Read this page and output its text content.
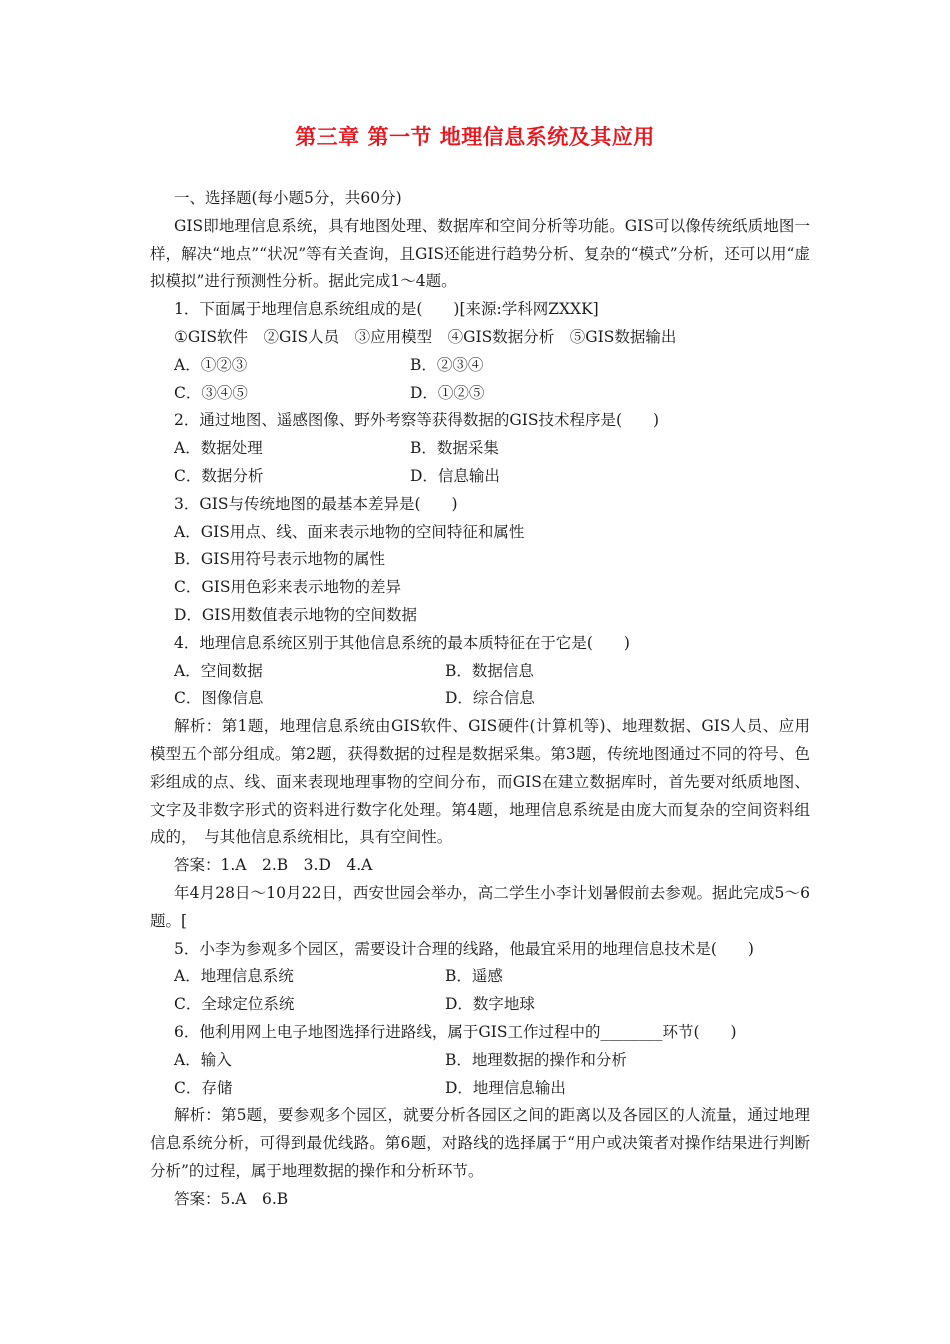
第三章 第一节 地理信息系统及其应用
一、选择题(每小题5分，共60分)
GIS即地理信息系统，具有地图处理、数据库和空间分析等功能。GIS可以像传统纸质地图一样，解决“地点”“状况”等有关查询，且GIS还能进行趋势分析、复杂的“模式”分析，还可以用“虚拟模拟”进行预测性分析。据此完成1～4题。
1．下面属于地理信息系统组成的是(　　)[来源:学科网ZXXK]
①GIS软件　②GIS人员　③应用模型　④GIS数据分析　⑤GIS数据输出
A．①②③	B．②③④
C．③④⑤	D．①②⑤
2．通过地图、遥感图像、野外考察等获得数据的GIS技术程序是(　　)
A．数据处理	B．数据采集
C．数据分析	D．信息输出
3．GIS与传统地图的最基本差异是(　　)
A．GIS用点、线、面来表示地物的空间特征和属性
B．GIS用符号表示地物的属性
C．GIS用色彩来表示地物的差异
D．GIS用数值表示地物的空间数据
4．地理信息系统区别于其他信息系统的最本质特征在于它是(　　)
A．空间数据	B．数据信息
C．图像信息	D．综合信息
解析：第1题，地理信息系统由GIS软件、GIS硬件(计算机等)、地理数据、GIS人员、应用模型五个部分组成。第2题，获得数据的过程是数据采集。第3题，传统地图通过不同的符号、色彩组成的点、线、面来表现地理事物的空间分布，而GIS在建立数据库时，首先要对纸质地图、文字及非数字形式的资料进行数字化处理。第4题，地理信息系统是由庞大而复杂的空间资料组成的，　与其他信息系统相比，具有空间性。
答案：1.A　2.B　3.D　4.A
年4月28日～10月22日，西安世园会举办，高二学生小李计划暑假前去参观。据此完成5～6题。[
5．小李为参观多个园区，需要设计合理的线路，他最宜采用的地理信息技术是(　　)
A．地理信息系统	B．遥感
C．全球定位系统	D．数字地球
6．他利用网上电子地图选择行进路线，属于GIS工作过程中的________环节(　　)
A．输入	B．地理数据的操作和分析
C．存储	D．地理信息输出
解析：第5题，要参观多个园区，就要分析各园区之间的距离以及各园区的人流量，通过地理信息系统分析，可得到最优线路。第6题，对路线的选择属于“用户或决策者对操作结果进行判断分析”的过程，属于地理数据的操作和分析环节。
答案：5.A　6.B
